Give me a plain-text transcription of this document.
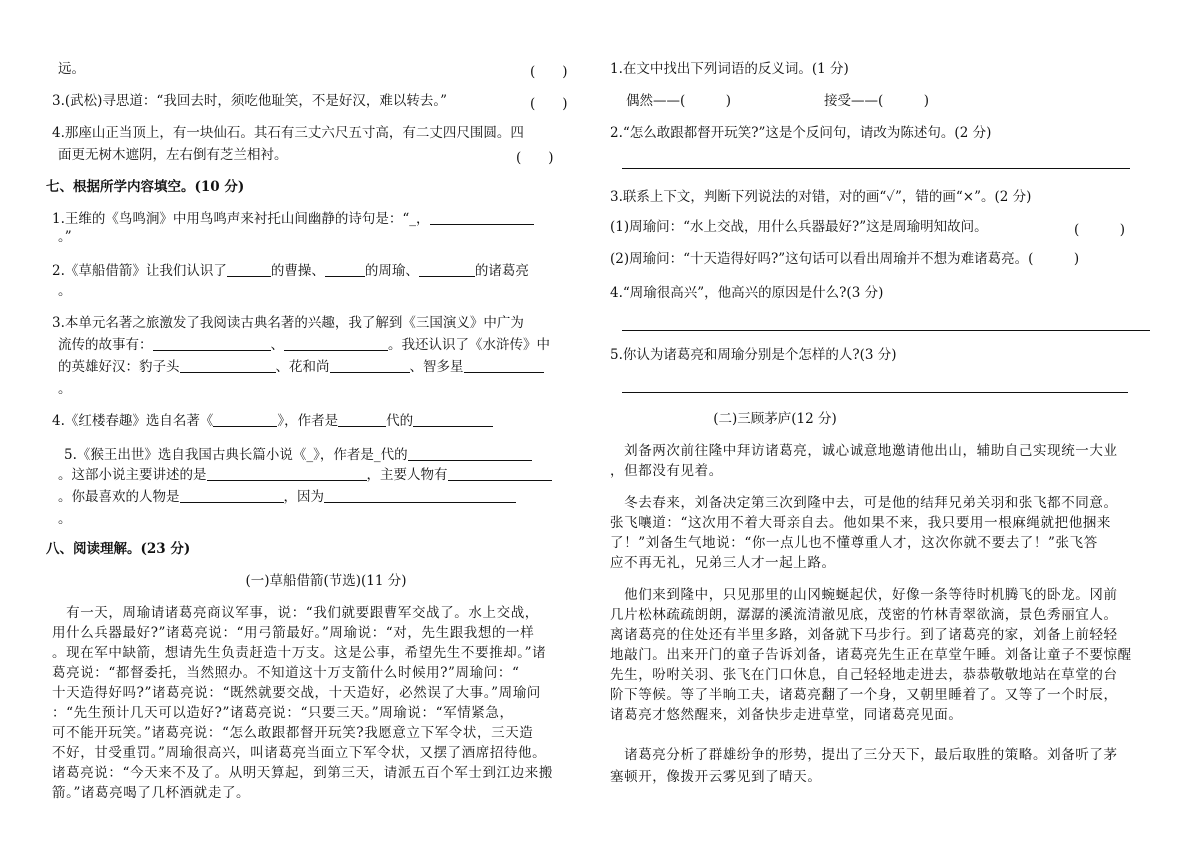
远。	(　　)
3.(武松)寻思道：“我回去时，须吃他耻笑，不是好汉，难以转去。”	(　　)
4.那座山正当顶上，有一块仙石。其石有三丈六尺五寸高，有二丈四尺围圆。四
面更无树木遮阴，左右倒有芝兰相衬。	(　　)
七、根据所学内容填空。(10 分)
1.王维的《鸟鸣涧》中用鸟鸣声来衬托山间幽静的诗句是：“_，
。”
2.《草船借箭》让我们认识了	的曹操、	的周瑜、	的诸葛亮
。
3.本单元名著之旅激发了我阅读古典名著的兴趣，我了解到《三国演义》中广为
流传的故事有：	、	。我还认识了《水浒传》中
的英雄好汉：豹子头	、花和尚	、智多星
。
4.《红楼春趣》选自名著《	》，作者是	代的
5.《猴王出世》选自我国古典长篇小说《_》，作者是_代的
。这部小说主要讲述的是	，主要人物有
。你最喜欢的人物是	，因为
。
八、阅读理解。(23 分)
(一)草船借箭(节选)(11 分)
　有一天，周瑜请诸葛亮商议军事，说：“我们就要跟曹军交战了。水上交战，
用什么兵器最好?”诸葛亮说：“用弓箭最好。”周瑜说：“对，先生跟我想的一样
。现在军中缺箭，想请先生负责赶造十万支。这是公事，希望先生不要推却。”诸
葛亮说：“都督委托，当然照办。不知道这十万支箭什么时候用?”周瑜问：“
十天造得好吗?”诸葛亮说：“既然就要交战，十天造好，必然误了大事。”周瑜问
：“先生预计几天可以造好?”诸葛亮说：“只要三天。”周瑜说：“军情紧急，
可不能开玩笑。”诸葛亮说：“怎么敢跟都督开玩笑?我愿意立下军令状，三天造
不好，甘受重罚。”周瑜很高兴，叫诸葛亮当面立下军令状，又摆了酒席招待他。
诸葛亮说：“今天来不及了。从明天算起，到第三天，请派五百个军士到江边来搬
箭。”诸葛亮喝了几杯酒就走了。
1.在文中找出下列词语的反义词。(1 分)
偶然——(　　　)	接受——(　　　)
2.“怎么敢跟都督开玩笑?”这是个反问句，请改为陈述句。(2 分)
3.联系上下文，判断下列说法的对错，对的画“✓”，错的画“×”。(2 分)
(1)周瑜问：“水上交战，用什么兵器最好?”这是周瑜明知故问。	(　　　)
(2)周瑜问：“十天造得好吗?”这句话可以看出周瑜并不想为难诸葛亮。(　　　)
4.“周瑜很高兴”，他高兴的原因是什么?(3 分)
5.你认为诸葛亮和周瑜分别是个怎样的人?(3 分)
(二)三顾茅庐(12 分)
　刘备两次前往隆中拜访诸葛亮，诚心诚意地邀请他出山，辅助自己实现统一大业
，但都没有见着。
　冬去春来，刘备决定第三次到隆中去，可是他的结拜兄弟关羽和张飞都不同意。
张飞嚷道：“这次用不着大哥亲自去。他如果不来，我只要用一根麻绳就把他捆来
了！”刘备生气地说：“你一点儿也不懂尊重人才，这次你就不要去了！”张飞答
应不再无礼，兄弟三人才一起上路。
　他们来到隆中，只见那里的山冈蜿蜒起伏，好像一条等待时机腾飞的卧龙。冈前
几片松林疏疏朗朗，潺潺的溪流清澈见底，茂密的竹林青翠欲滴，景色秀丽宜人。
离诸葛亮的住处还有半里多路，刘备就下马步行。到了诸葛亮的家，刘备上前轻轻
地敲门。出来开门的童子告诉刘备，诸葛亮先生正在草堂午睡。刘备让童子不要惊醒
先生，吩咐关羽、张飞在门口休息，自己轻轻地走进去，恭恭敬敬地站在草堂的台
阶下等候。等了半晌工夫，诸葛亮翻了一个身，又朝里睡着了。又等了一个时辰，
诸葛亮才悠然醒来，刘备快步走进草堂，同诸葛亮见面。
　诸葛亮分析了群雄纷争的形势，提出了三分天下，最后取胜的策略。刘备听了茅
塞顿开，像拨开云雾见到了晴天。
